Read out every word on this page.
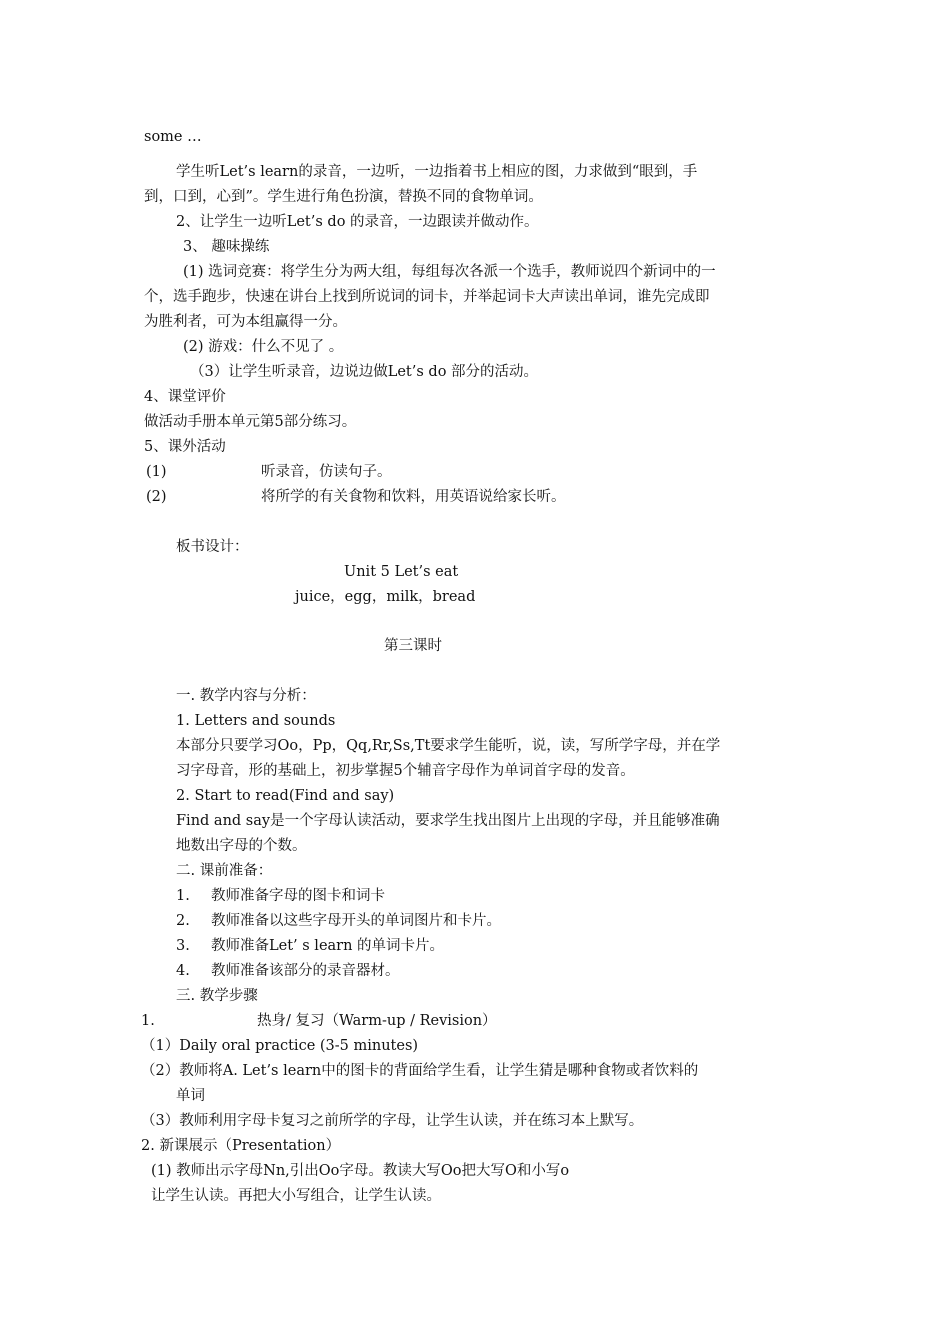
some …
学生听Let’s learn的录音，一边听，一边指着书上相应的图，力求做到“眼到，手
到，口到，心到”。学生进行角色扮演，替换不同的食物单词。
2、让学生一边听Let’s do 的录音，一边跟读并做动作。
3、 趣味操练
(1) 选词竞赛：将学生分为两大组，每组每次各派一个选手，教师说四个新词中的一
个，选手跑步，快速在讲台上找到所说词的词卡，并举起词卡大声读出单词，谁先完成即
为胜利者，可为本组赢得一分。
(2) 游戏：什么不见了 。
（3）让学生听录音，边说边做Let’s do 部分的活动。
4、课堂评价
做活动手册本单元第5部分练习。
5、课外活动
(1)	听录音，仿读句子。
(2)	将所学的有关食物和饮料，用英语说给家长听。
板书设计：
Unit 5 Let’s eat
juice，egg，milk，bread
第三课时
一. 教学内容与分析：
1. Letters and sounds
本部分只要学习Oo，Pp，Qq,Rr,Ss,Tt要求学生能听，说，读，写所学字母，并在学
习字母音，形的基础上，初步掌握5个辅音字母作为单词首字母的发音。
2. Start to read(Find and say)
Find and say是一个字母认读活动，要求学生找出图片上出现的字母，并且能够准确
地数出字母的个数。
二. 课前准备：
1. 教师准备字母的图卡和词卡
2. 教师准备以这些字母开头的单词图片和卡片。
3. 教师准备Let’ s learn 的单词卡片。
4. 教师准备该部分的录音器材。
三. 教学步骤
1.	热身/ 复习（Warm-up / Revision）
（1）Daily oral practice (3-5 minutes)
（2）教师将A. Let’s learn中的图卡的背面给学生看，让学生猜是哪种食物或者饮料的
单词
（3）教师利用字母卡复习之前所学的字母，让学生认读，并在练习本上默写。
2. 新课展示（Presentation）
(1) 教师出示字母Nn,引出Oo字母。教读大写Oo把大写O和小写o
让学生认读。再把大小写组合，让学生认读。
